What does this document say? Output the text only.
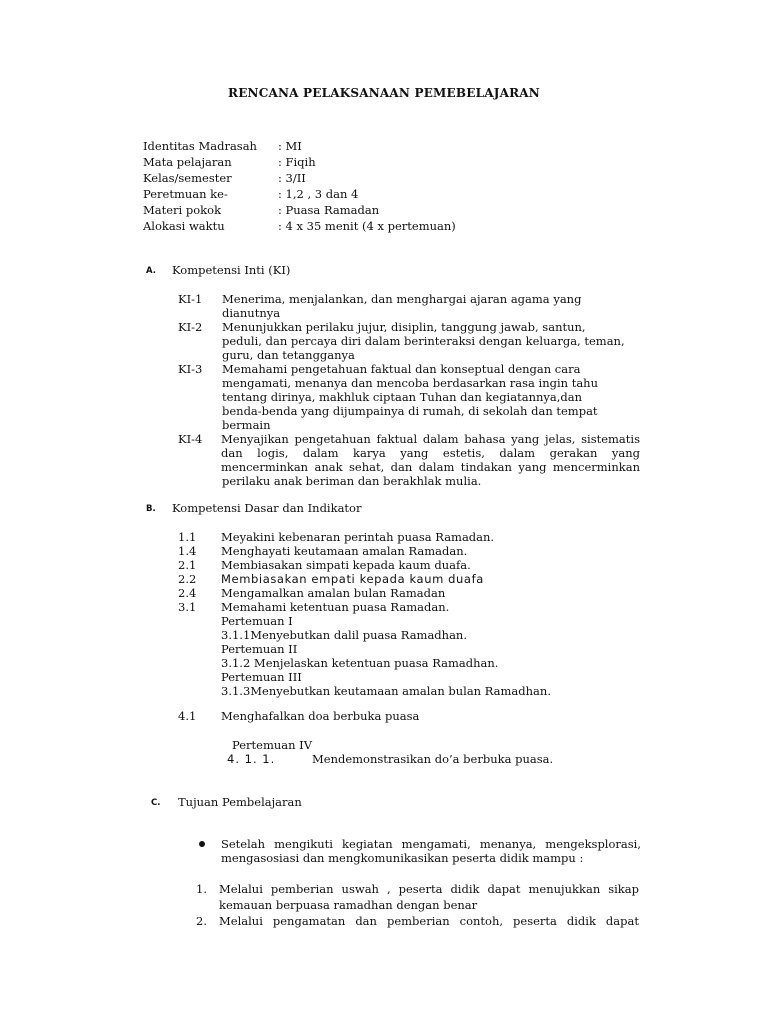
RENCANA PELAKSANAAN PEMEBELAJARAN
Identitas Madrasah : MI
Mata pelajaran	: Fiqih
Kelas/semester	: 3/II
Peretmuan ke-	: 1,2 , 3 dan 4
Materi pokok	: Puasa Ramadan
Alokasi waktu	: 4 x 35 menit (4 x pertemuan)
A. Kompetensi Inti (KI)
KI-1 Menerima, menjalankan, dan menghargai ajaran agama yang
dianutnya
KI-2 Menunjukkan perilaku jujur, disiplin, tanggung jawab, santun,
peduli, dan percaya diri dalam berinteraksi dengan keluarga, teman,
guru, dan tetangganya
KI-3 Memahami pengetahuan faktual dan konseptual dengan cara
mengamati, menanya dan mencoba berdasarkan rasa ingin tahu
tentang dirinya, makhluk ciptaan Tuhan dan kegiatannya,dan
benda-benda yang dijumpainya di rumah, di sekolah dan tempat
bermain
KI-4 Menyajikan pengetahuan faktual dalam bahasa yang jelas, sistematis
dan logis, dalam karya yang estetis, dalam gerakan yang
mencerminkan anak sehat, dan dalam tindakan yang mencerminkan
perilaku anak beriman dan berakhlak mulia.
B. Kompetensi Dasar dan Indikator
1.1 Meyakini kebenaran perintah puasa Ramadan.
1.4 Menghayati keutamaan amalan Ramadan.
2.1 Membiasakan simpati kepada kaum duafa.
2.2 Membiasakan empati kepada kaum duafa
2.4 Mengamalkan amalan bulan Ramadan
3.1 Memahami ketentuan puasa Ramadan.
Pertemuan I
3.1.1Menyebutkan dalil puasa Ramadhan.
Pertemuan II
3.1.2 Menjelaskan ketentuan puasa Ramadhan.
Pertemuan III
3.1.3Menyebutkan keutamaan amalan bulan Ramadhan.
4.1 Menghafalkan doa berbuka puasa
Pertemuan IV
4. 1. 1.	Mendemonstrasikan do’a berbuka puasa.
C. Tujuan Pembelajaran
Setelah mengikuti kegiatan mengamati, menanya, mengeksplorasi,
mengasosiasi dan mengkomunikasikan peserta didik mampu :
1. Melalui pemberian uswah , peserta didik dapat menujukkan sikap
kemauan berpuasa ramadhan dengan benar
2. Melalui pengamatan dan pemberian contoh, peserta didik dapat
